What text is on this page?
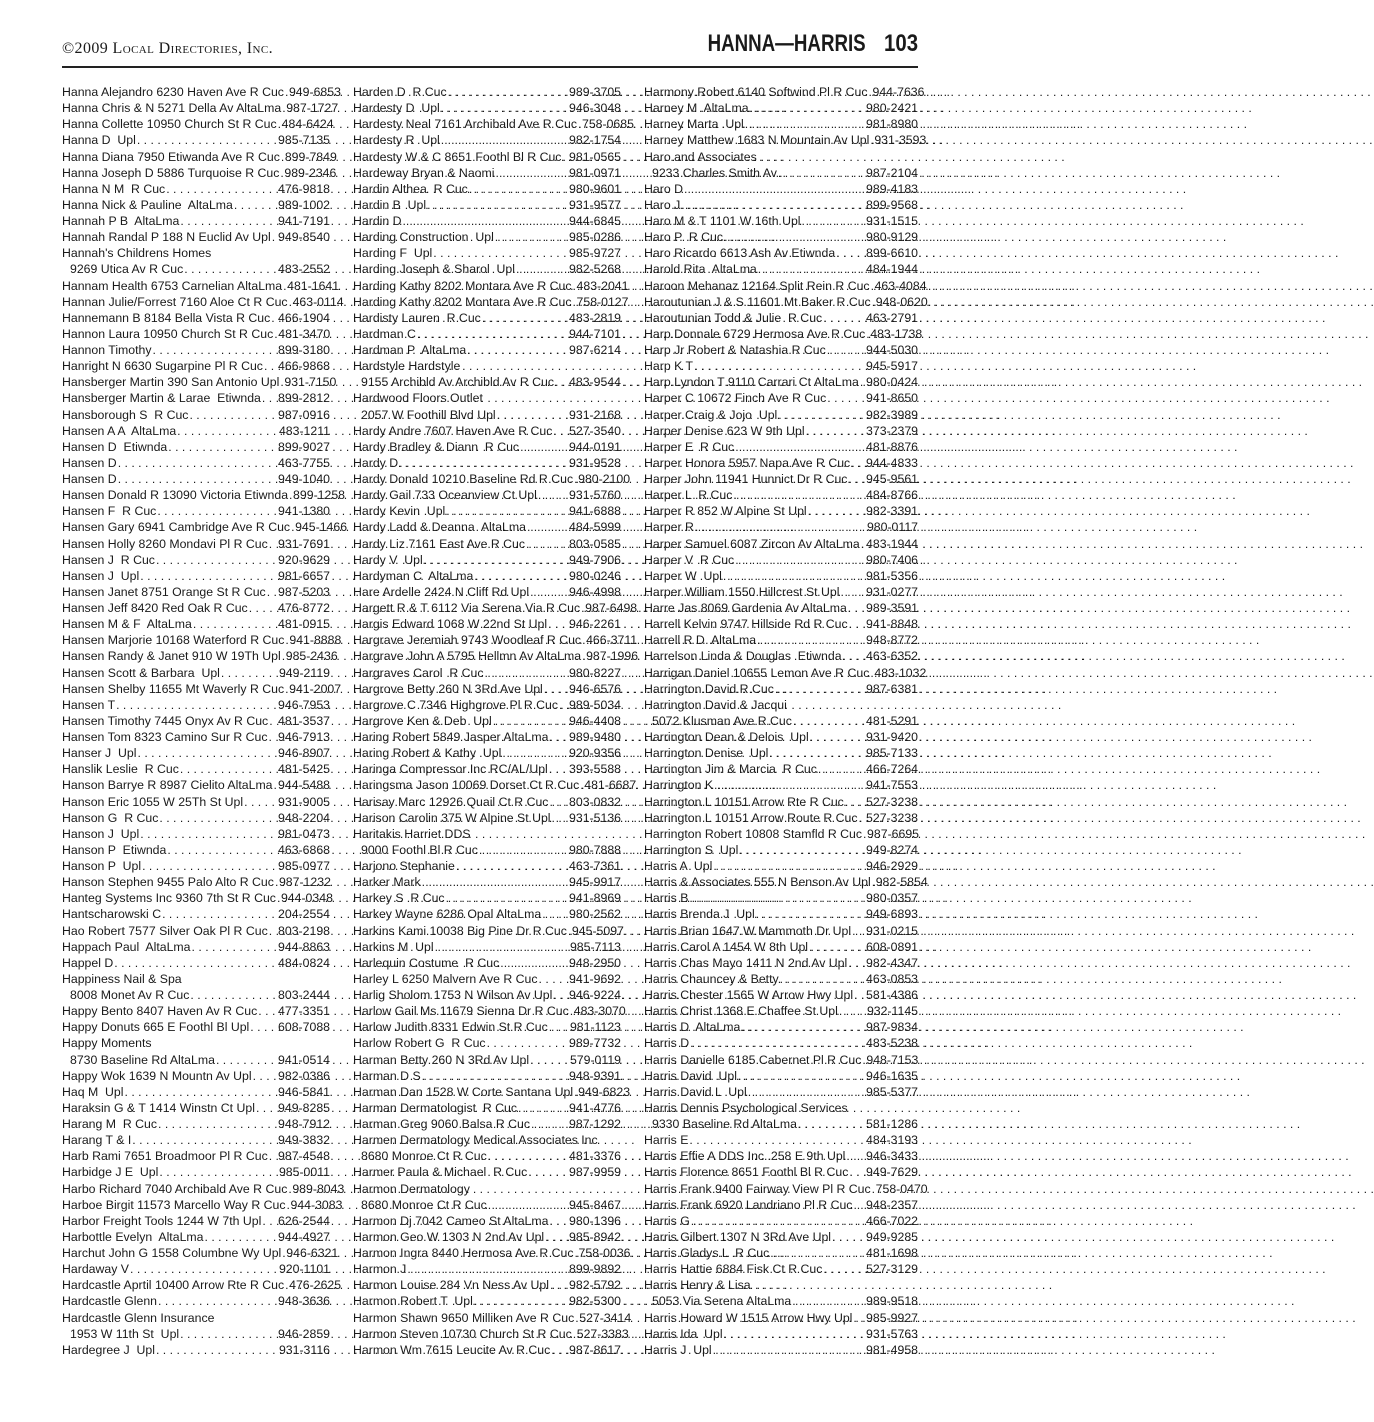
©2009 Local Directories, Inc.	HANNA—HARRIS 103
Hanna Alejandro 6230 Haven Ave R Cuc . . . 949-6853
Hanna Chris & N 5271 Della Av AltaLma . . . 987-1727
Hanna Collette 10950 Church St R Cuc . . . 484-6424
Hanna D  Upl . . .	985-7135
Hanna Diana 7950 Etiwanda Ave R Cuc . . . 899-7849
Hanna Joseph D 5886 Turquoise R Cuc . . . 989-2346
Hanna N M  R Cuc . . .	476-9818
Hanna Nick & Pauline  AltaLma . . .	989-1002
Hannah P B  AltaLma . . .	941-7191
Hannah Randal P 188 N Euclid Av Upl . . . 949-8540
Hannah's Childrens Homes
9269 Utica Av R Cuc . . .	483-2552
Hannam Health 6753 Carnelian AltaLma . . . 481-1641
Hannan Julie/Forrest 7160 Aloe Ct R Cuc . . . 463-0114
Hannemann B 8184 Bella Vista R Cuc . . . 466-1904
Hannon Laura 10950 Church St R Cuc . . . 481-3470
Hannon Timothy . . .	899-3180
Hanright N 6630 Sugarpine Pl R Cuc . . . 466-9868
Hansberger Martin 390 San Antonio Upl . . . 931-7150
Hansberger Martin & Larae  Etiwnda . . . 899-2812
Hansborough S  R Cuc . . .	987-0916
Hansen A A  AltaLma . . .	483-1211
Hansen D  Etiwnda . . .	899-9027
Hansen D . . .	463-7755
Hansen D . . .	949-1040
Hansen Donald R 13090 Victoria Etiwnda . . . 899-1258
Hansen F  R Cuc . . .	941-1380
Hansen Gary 6941 Cambridge Ave R Cuc . . . 945-1466
Hansen Holly 8260 Mondavi Pl R Cuc . . . 931-7691
Hansen J  R Cuc . . .	920-9629
Hansen J  Upl . . .	981-6657
Hansen Janet 8751 Orange St R Cuc . . . 987-5203
Hansen Jeff 8420 Red Oak R Cuc . . . 476-8772
Hansen M & F  AltaLma . . .	481-0915
Hansen Marjorie 10168 Waterford R Cuc . . . 941-8888
Hansen Randy & Janet 910 W 19Th Upl . . . 985-2436
Hansen Scott & Barbara  Upl . . .	949-2119
Hansen Shelby 11655 Mt Waverly R Cuc . . . 941-2007
Hansen T . . .	946-7953
Hansen Timothy 7445 Onyx Av R Cuc . . . 481-3537
Hansen Tom 8323 Camino Sur R Cuc . . . 946-7913
Hanser J  Upl . . .	946-8907
Hanslik Leslie  R Cuc . . .	481-5425
Hanson Barrye R 8987 Cielito AltaLma . . . 944-5488
Hanson Eric 1055 W 25Th St Upl . . .	931-9005
Hanson G  R Cuc . . .	948-2204
Hanson J  Upl . . .	981-0473
Hanson P  Etiwnda . . .	463-6868
Hanson P  Upl . . .	985-0977
Hanson Stephen 9455 Palo Alto R Cuc . . . 987-1232
Hanteg Systems Inc 9360 7th St R Cuc . . . 944-0348
Hantscharowski C . . .	204-2554
Hao Robert 7577 Silver Oak Pl R Cuc . . . 803-2198
Happach Paul  AltaLma . . .	944-8863
Happel D . . .	484-0824
Happiness Nail & Spa
8008 Monet Av R Cuc . . .	803-2444
Happy Bento 8407 Haven Av R Cuc . . . 477-3351
Happy Donuts 665 E Foothl Bl Upl . . . 608-7088
Happy Moments
8730 Baseline Rd AltaLma . . .	941-0514
Happy Wok 1639 N Mountn Av Upl . . . 982-0386
Haq M  Upl . . .	946-5841
Haraksin G & T 1414 Winstn Ct Upl . . . 949-8285
Harang M  R Cuc . . .	948-7912
Harang T & I . . .	949-3832
Harb Rami 7651 Broadmoor Pl R Cuc . . . 987-4548
Harbidge J E  Upl . . .	985-0011
Harbo Richard 7040 Archibald Ave R Cuc . . . 989-8043
Harboe Birgit 11573 Marcello Way R Cuc . . . 944-3083
Harbor Freight Tools 1244 W 7th Upl . . . 626-2544
Harbottle Evelyn  AltaLma . . .	944-4927
Harchut John G 1558 Columbne Wy Upl . . . 946-6321
Hardaway V . . .	920-1101
Hardcastle Aprtil 10400 Arrow Rte R Cuc . . . 476-2625
Hardcastle Glenn . . .	948-3636
Hardcastle Glenn Insurance
1953 W 11th St  Upl . . .	946-2859
Hardegree J  Upl . . .	931-3116
Harden D  R Cuc . . .	989-3705
Hardesty D  Upl . . .	946-3048
Hardesty Neal 7161 Archibald Ave R Cuc . . . 758-0685
Hardesty R  Upl . . .	982-1754
Hardesty W & C 8651 Foothl Bl R Cuc . . . 981-0565
Hardeway Bryan & Naomi . . .	981-0971
Hardin Althea  R Cuc . . .	980-9601
Hardin B  Upl . . .	931-9577
Hardin D . . .	944-6845
Harding Construction  Upl . . .	985-0286
Harding F  Upl . . .	985-9727
Harding Joseph & Sharol  Upl . . .	982-5268
Harding Kathy 8202 Montara Ave R Cuc . . . 483-2041
Harding Kathy 8202 Montara Ave R Cuc . . . 758-0127
Hardisty Lauren  R Cuc . . .	483-2819
Hardman C . . .	944-7101
Hardman P  AltaLma . . .	987-6214
Hardstyle Hardstyle
9155 Archibld Av Archibld Av R Cuc . . . 483-9544
Hardwood Floors Outlet
2057 W Foothill Blvd Upl . . .	931-2168
Hardy Andre 7607 Haven Ave R Cuc . . . 527-3540
Hardy Bradley & Diann  R Cuc . . .	944-0191
Hardy D . . .	931-9528
Hardy Donald 10210 Baseline Rd R Cuc . . . 980-2100
Hardy Gail 733 Oceanview Ct Upl . . .	931-5760
Hardy Kevin  Upl . . .	941-6888
Hardy Ladd & Deanna  AltaLma . . .	484-5999
Hardy Liz 7161 East Ave R Cuc . . .	803-0585
Hardy V  Upl . . .	949-7906
Hardyman C  AltaLma . . .	980-0246
Hare Ardelle 2424 N Cliff Rd Upl . . .	946-4998
Hargett R & T 6112 Via Serena Via R Cuc . . . 987-6498
Hargis Edward 1068 W 22nd St Upl . . . 946-2261
Hargrave Jeremiah 9743 Woodleaf R Cuc . . . 466-3711
Hargrave John A 5795 Hellmn Av AltaLma . . . 987-1996
Hargraves Carol  R Cuc . . .	980-8227
Hargrove Betty 260 N 3Rd Ave Upl . . . 946-6576
Hargrove C 7346 Highgrove Pl R Cuc . . . 989-5034
Hargrove Ken & Deb  Upl . . .	946-4408
Haring Robert 5849 Jasper AltaLma . . . 989-9480
Haring Robert & Kathy  Upl . . .	920-9356
Haringa Compressor Inc RC/AL/Upl . . . 393-5588
Haringsma Jason 10069 Dorset Ct R Cuc . . . 481-6687
Harisay Marc 12926 Quail Ct R Cuc . . . 803-0832
Harison Carolin 375 W Alpine St Upl . . . 931-5136
Haritakis Harriet DDS
9000 Foothl Bl R Cuc . . .	980-7888
Harjono Stephanie . . .	463-7361
Harker Mark . . .	945-9917
Harkey S  R Cuc . . .	941-8969
Harkey Wayne 6286 Opal AltaLma . . . 980-2562
Harkins Kami 10038 Big Pine Dr R Cuc . . . 945-5097
Harkins M  Upl . . .	985-7113
Harlequin Costume  R Cuc . . .	948-2950
Harley L 6250 Malvern Ave R Cuc . . .	941-9692
Harlig Sholom 1753 N Wilson Av Upl . . . 946-9224
Harlow Gail Ms 11679 Sienna Dr R Cuc . . . 483-3070
Harlow Judith 8331 Edwin St R Cuc . . . 981-1123
Harlow Robert G  R Cuc . . .	989-7732
Harman Betty 260 N 3Rd Av Upl . . .	579-0119
Harman D S . . .	948-9391
Harman Dan 1528 W Corte Santana Upl . . . 949-6823
Harman Dermatologist  R Cuc . . .	941-4776
Harman Greg 9060 Balsa R Cuc . . .	987-1292
Harmen Dermatology Medical Associates Inc
8680 Monroe Ct R Cuc . . .	481-3376
Harmer Paula & Michael  R Cuc . . .	987-9959
Harmon Dermatology
8680 Monroe Ct R Cuc . . .	945-8467
Harmon Dj 7042 Cameo St AltaLma . . . 980-1396
Harmon Geo W 1303 N 2nd Av Upl . . . 985-8942
Harmon Ingra 8440 Hermosa Ave R Cuc . . . 758-0036
Harmon J . . .	899-9892
Harmon Louise 284 Vn Ness Av Upl . . . 982-5792
Harmon Robert T  Upl . . .	982-5300
Harmon Shawn 9650 Milliken Ave R Cuc . . . 527-3414
Harmon Steven 10730 Church St R Cuc . . . 527-3383
Harmon Wm 7615 Leucite Av R Cuc . . . 987-8617
Harmony Robert 6140 Softwind Pl R Cuc . . . 944-7636
Harney M  AltaLma . . .	980-2421
Harney Marta  Upl . . .	981-8980
Harney Matthew 1683 N Mountain Av Upl . . . 931-3593
Haro and Associates
9233 Charles Smith Av . . .	987-2104
Haro D . . .	989-4183
Haro J . . .	899-9568
Haro M & T 1101 W 16th Upl . . .	931-1515
Haro P  R Cuc . . .	980-9129
Haro Ricardo 6613 Ash Av Etiwnda . . .	899-6610
Harold Rita  AltaLma . . .	484-1944
Haroon Mehanaz 12164 Split Rein R Cuc . . . 463-4084
Haroutunian J & S 11601 Mt Baker R Cuc . . . 948-0620
Haroutunian Todd & Julie  R Cuc . . .	463-2791
Harp Donnale 6729 Hermosa Ave R Cuc . . . 483-1738
Harp Jr Robert & Natashia R Cuc . . .	944-5030
Harp K T . . .	945-5917
Harp Lyndon T 9110 Carrari Ct AltaLma . . . 980-0424
Harper C 10672 Finch Ave R Cuc . . .	941-8650
Harper Craig & Jojo  Upl . . .	982-3989
Harper Denise 623 W 9th Upl . . .	373-2379
Harper E  R Cuc . . .	481-8876
Harper Honora 5957 Napa Ave R Cuc . . . 944-4833
Harper John 11941 Hunnict Dr R Cuc . . . 945-9561
Harper L  R Cuc . . .	484-8766
Harper R 852 W Alpine St Upl . . .	982-3391
Harper R . . .	980-0117
Harper Samuel 6087 Zircon Av AltaLma . . . 483-1944
Harper V  R Cuc . . .	980-7406
Harper W  Upl . . .	981-5356
Harper William 1550 Hillcrest St Upl . . . 931-0277
Harre Jas 8069 Gardenia Av AltaLma . . . 989-3591
Harrell Kelvin 9747 Hillside Rd R Cuc . . . 941-8848
Harrell R D  AltaLma . . .	948-8772
Harrelson Linda & Douglas  Etiwnda . . . 463-6352
Harrigan Daniel 10655 Lemon Ave R Cuc . . . 483-1032
Harrington David R Cuc . . .	987-6381
Harrington David & Jacqui
5072 Klusman Ave R Cuc . . .	481-5291
Harrington Dean & Delois  Upl . . .	931-9420
Harrington Denise  Upl . . .	985-7133
Harrington Jim & Marcia  R Cuc . . .	466-7264
Harrington K . . .	941-7553
Harrington L 10151 Arrow Rte R Cuc . . . 527-3238
Harrington L 10151 Arrow Route R Cuc . . . 527-3238
Harrington Robert 10808 Stamfld R Cuc . . . 987-6695
Harrington S  Upl . . .	949-8274
Harris A  Upl . . .	946-2929
Harris & Associates 555 N Benson Av Upl . . . 982-5854
Harris B . . .	980-0357
Harris Brenda J  Upl . . .	949-6893
Harris Brian 1647 W Mammoth Dr Upl . . . 931-0215
Harris Carol A 1454 W 8th Upl . . .	608-0891
Harris Chas Mayo 1411 N 2nd Av Upl . . . 982-4347
Harris Chauncey & Betty . . .	463-0853
Harris Chester 1565 W Arrow Hwy Upl . . . 581-4386
Harris Christ 1368 E Chaffee St Upl . . . 932-1145
Harris D  AltaLma . . .	987-9834
Harris D . . .	483-5238
Harris Danielle 6185 Cabernet Pl R Cuc . . . 948-7153
Harris David  Upl . . .	946-1635
Harris David L  Upl . . .	985-5377
Harris Dennis Psychological Services
9330 Baseline Rd AltaLma . . .	581-1286
Harris E . . .	484-3193
Harris Effie A DDS Inc. 258 E 9th Upl . . . 946-3433
Harris Florence 8651 Foothl Bl R Cuc . . . 949-7629
Harris Frank 9400 Fairway View Pl R Cuc . . . 758-0470
Harris Frank 6920 Landriano Pl R Cuc . . . 948-2357
Harris G . . .	466-7022
Harris Gilbert 1307 N 3Rd Ave Upl . . .	949-9285
Harris Gladys L  R Cuc . . .	481-1698
Harris Hattie 6884 Fisk Ct R Cuc . . .	527-3129
Harris Henry & Lisa
5053 Via Serena AltaLma . . .	989-9518
Harris Howard W 1515 Arrow Hwy Upl . . . 985-9927
Harris Ida  Upl . . .	931-5763
Harris J  Upl . . .	981-4958
